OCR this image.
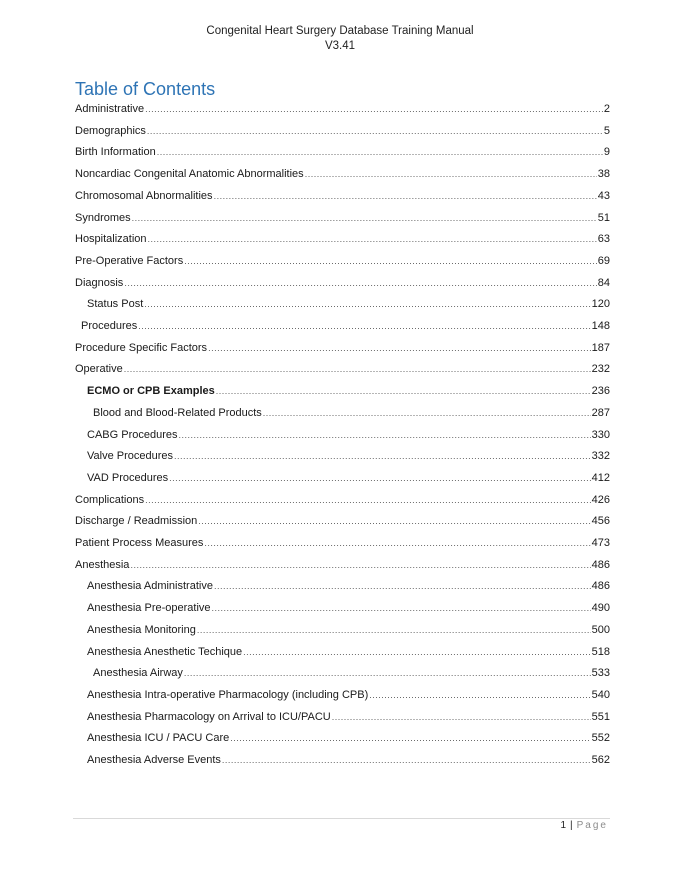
Congenital Heart Surgery Database Training Manual
V3.41
Table of Contents
Administrative .....	2
Demographics .....	5
Birth Information .....	9
Noncardiac Congenital Anatomic Abnormalities .....	38
Chromosomal Abnormalities .....	43
Syndromes .....	51
Hospitalization .....	63
Pre-Operative Factors .....	69
Diagnosis .....	84
Status Post .....	120
Procedures .....	148
Procedure Specific Factors .....	187
Operative .....	232
ECMO or CPB Examples .....	236
Blood and Blood-Related Products .....	287
CABG Procedures .....	330
Valve Procedures .....	332
VAD Procedures .....	412
Complications .....	426
Discharge / Readmission .....	456
Patient Process Measures .....	473
Anesthesia .....	486
Anesthesia Administrative .....	486
Anesthesia Pre-operative .....	490
Anesthesia Monitoring .....	500
Anesthesia Anesthetic Techique .....	518
Anesthesia Airway .....	533
Anesthesia Intra-operative Pharmacology (including CPB) .....	540
Anesthesia Pharmacology on Arrival to ICU/PACU .....	551
Anesthesia ICU / PACU Care .....	552
Anesthesia Adverse Events .....	562
1 | Page
